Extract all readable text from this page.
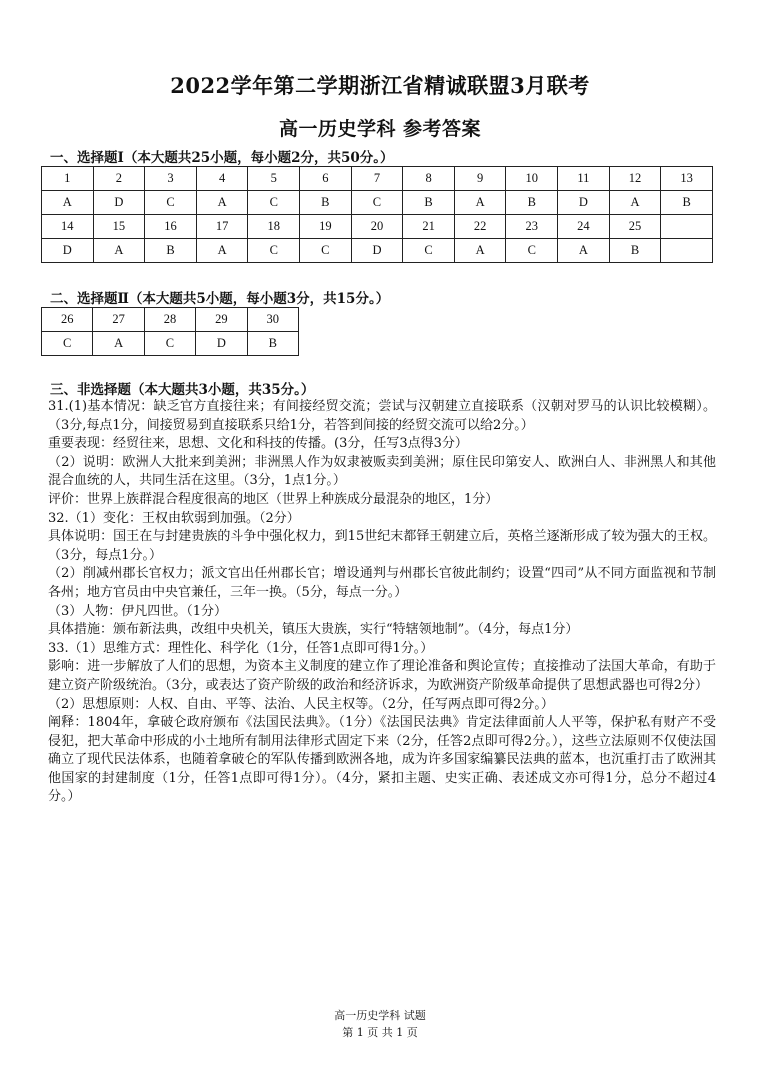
2022学年第二学期浙江省精诚联盟3月联考
高一历史学科 参考答案
一、选择题Ⅰ（本大题共25小题，每小题2分，共50分。）
1	2	3	4	5	6	7	8	9	10	11	12	13
A	D	C	A	C	B	C	B	A	B	D	A	B
14	15	16	17	18	19	20	21	22	23	24	25	
D	A	B	A	C	C	D	C	A	C	A	B	
二、选择题Ⅱ（本大题共5小题，每小题3分，共15分。）
26	27	28	29	30
C	A	C	D	B
三、非选择题（本大题共3小题，共35分。）

31.(1)基本情况：缺乏官方直接往来；有间接经贸交流；尝试与汉朝建立直接联系（汉朝对罗马的认识比较模糊）。（3分,每点1分，间接贸易到直接联系只给1分，若答到间接的经贸交流可以给2分。）

重要表现：经贸往来，思想、文化和科技的传播。(3分，任写3点得3分）

（2）说明：欧洲人大批来到美洲；非洲黑人作为奴隶被贩卖到美洲；原住民印第安人、欧洲白人、非洲黑人和其他混合血统的人，共同生活在这里。（3分，1点1分。）

评价：世界上族群混合程度很高的地区（世界上种族成分最混杂的地区，1分）

32.（1）变化：王权由软弱到加强。（2分）

具体说明：国王在与封建贵族的斗争中强化权力，到15世纪末都铎王朝建立后，英格兰逐渐形成了较为强大的王权。（3分，每点1分。）

（2）削减州郡长官权力；派文官出任州郡长官；增设通判与州郡长官彼此制约；设置“四司”从不同方面监视和节制各州；地方官员由中央官兼任，三年一换。（5分，每点一分。）

（3）人物：伊凡四世。（1分）

具体措施：颁布新法典，改组中央机关，镇压大贵族，实行“特辖领地制”。（4分，每点1分）

33.（1）思维方式：理性化、科学化（1分，任答1点即可得1分。）

影响：进一步解放了人们的思想，为资本主义制度的建立作了理论准备和舆论宣传；直接推动了法国大革命，有助于建立资产阶级统治。（3分，或表达了资产阶级的政治和经济诉求，为欧洲资产阶级革命提供了思想武器也可得2分）

（2）思想原则：人权、自由、平等、法治、人民主权等。（2分，任写两点即可得2分。）

阐释：1804年，拿破仑政府颁布《法国民法典》。（1分）《法国民法典》肯定法律面前人人平等，保护私有财产不受侵犯，把大革命中形成的小土地所有制用法律形式固定下来（2分，任答2点即可得2分。），这些立法原则不仅使法国确立了现代民法体系，也随着拿破仑的军队传播到欧洲各地，成为许多国家编纂民法典的蓝本，也沉重打击了欧洲其他国家的封建制度（1分，任答1点即可得1分）。（4分，紧扣主题、史实正确、表述成文亦可得1分，总分不超过4分。）

高一历史学科 试题
第 1 页 共 1 页
